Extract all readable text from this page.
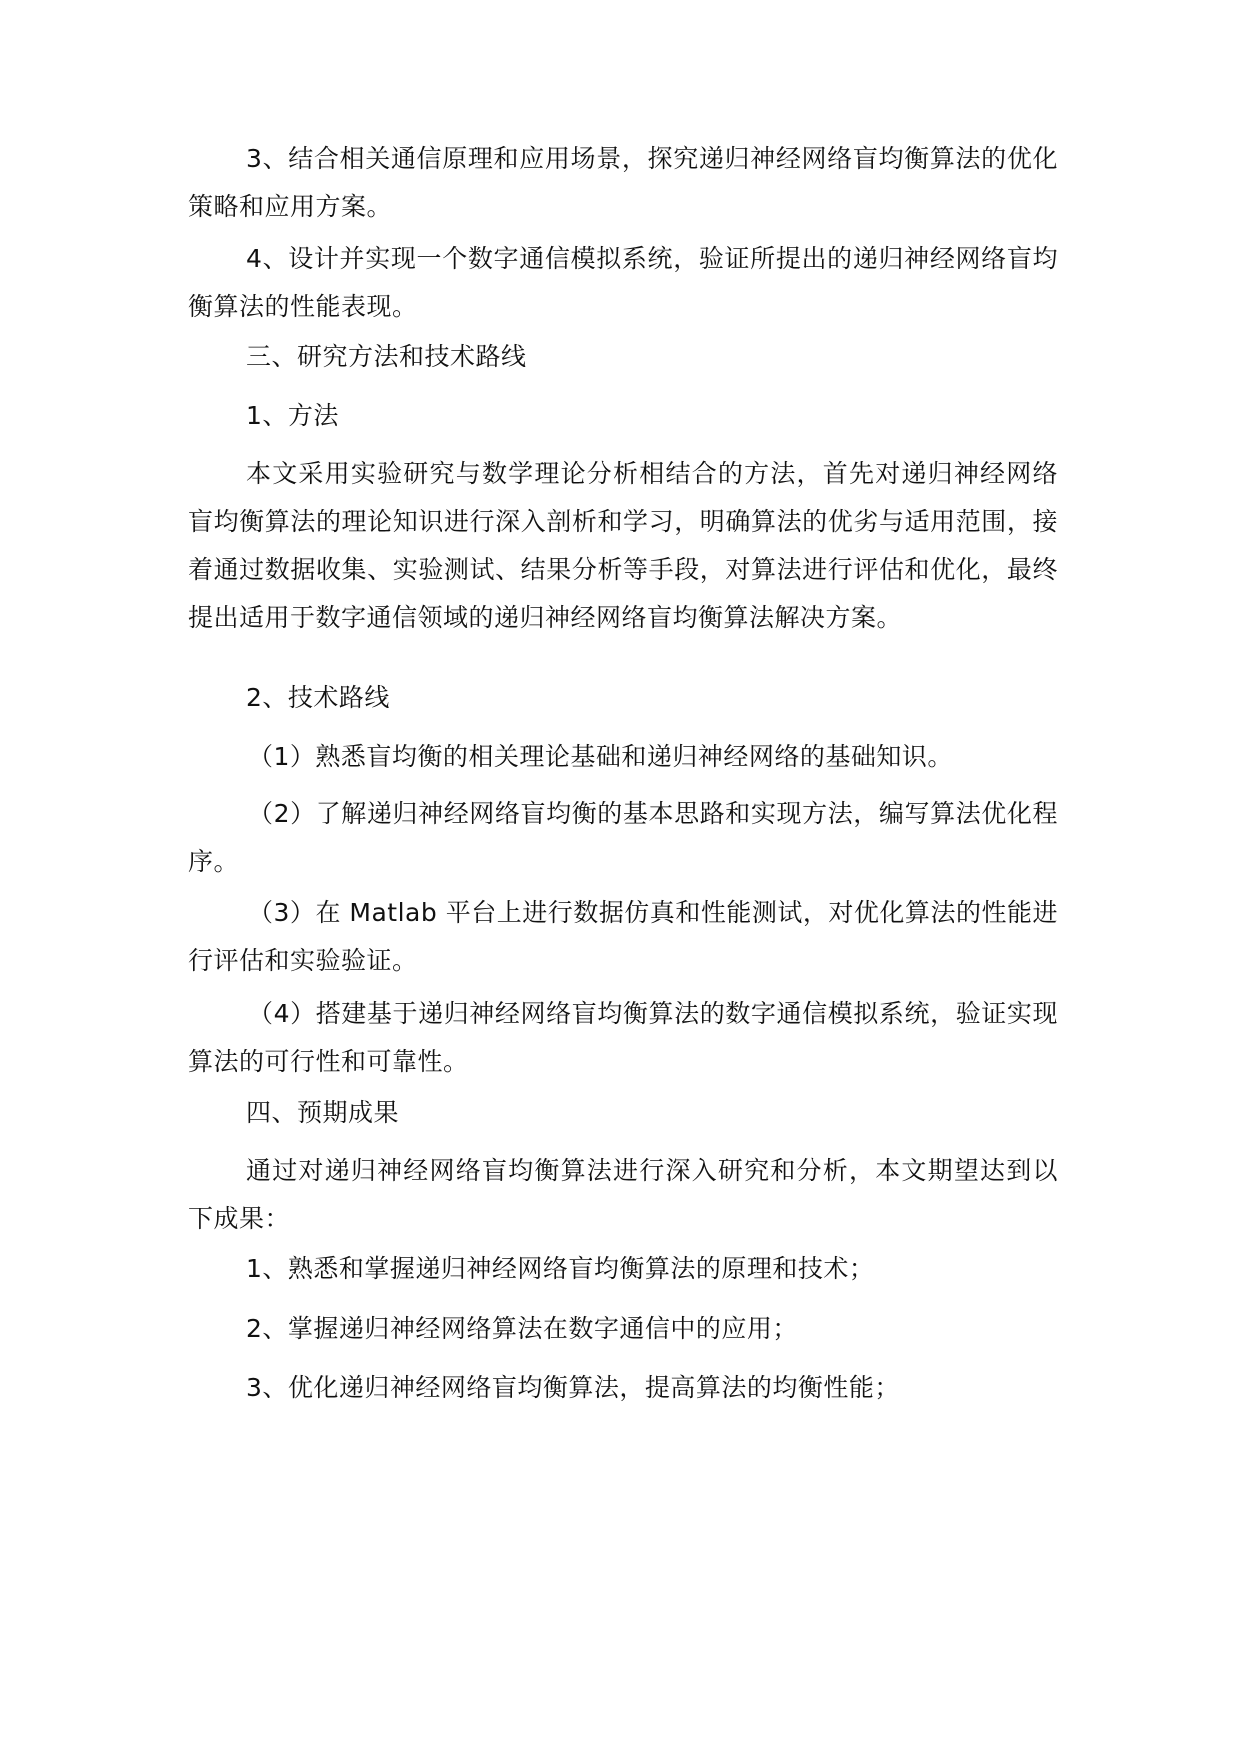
3、结合相关通信原理和应用场景，探究递归神经网络盲均衡算法的优化策略和应用方案。

4、设计并实现一个数字通信模拟系统，验证所提出的递归神经网络盲均衡算法的性能表现。

三、研究方法和技术路线

1、方法

本文采用实验研究与数学理论分析相结合的方法，首先对递归神经网络盲均衡算法的理论知识进行深入剖析和学习，明确算法的优劣与适用范围，接着通过数据收集、实验测试、结果分析等手段，对算法进行评估和优化，最终提出适用于数字通信领域的递归神经网络盲均衡算法解决方案。

2、技术路线

（1）熟悉盲均衡的相关理论基础和递归神经网络的基础知识。

（2）了解递归神经网络盲均衡的基本思路和实现方法，编写算法优化程序。

（3）在 Matlab 平台上进行数据仿真和性能测试，对优化算法的性能进行评估和实验验证。

（4）搭建基于递归神经网络盲均衡算法的数字通信模拟系统，验证实现算法的可行性和可靠性。

四、预期成果

通过对递归神经网络盲均衡算法进行深入研究和分析，本文期望达到以下成果：

1、熟悉和掌握递归神经网络盲均衡算法的原理和技术；

2、掌握递归神经网络算法在数字通信中的应用；

3、优化递归神经网络盲均衡算法，提高算法的均衡性能；
